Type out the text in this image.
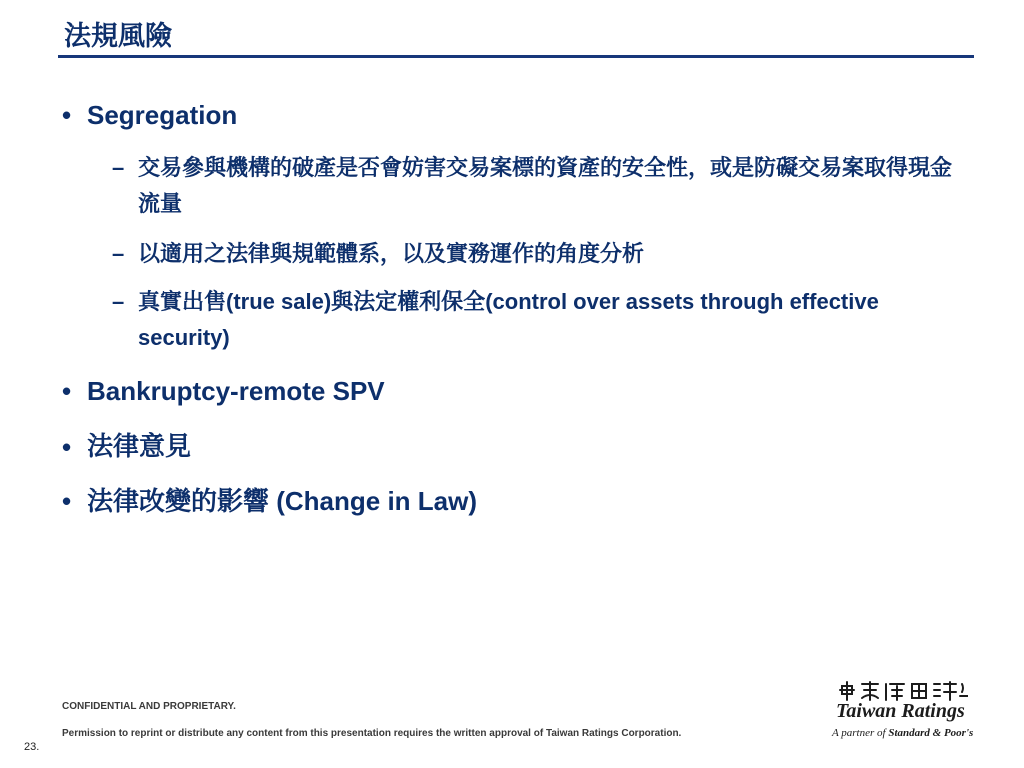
法規風險
• Segregation
– 交易參與機構的破產是否會妨害交易案標的資產的安全性，或是防礙交易案取得現金流量
– 以適用之法律與規範體系，以及實務運作的角度分析
– 真實出售(true sale)與法定權利保全(control over assets through effective security)
• Bankruptcy-remote SPV
• 法律意見
• 法律改變的影響 (Change in Law)
CONFIDENTIAL AND PROPRIETARY.
Permission to reprint or distribute any content from this presentation requires the written approval of Taiwan Ratings Corporation.
23.
Taiwan Ratings
A partner of Standard & Poor's
